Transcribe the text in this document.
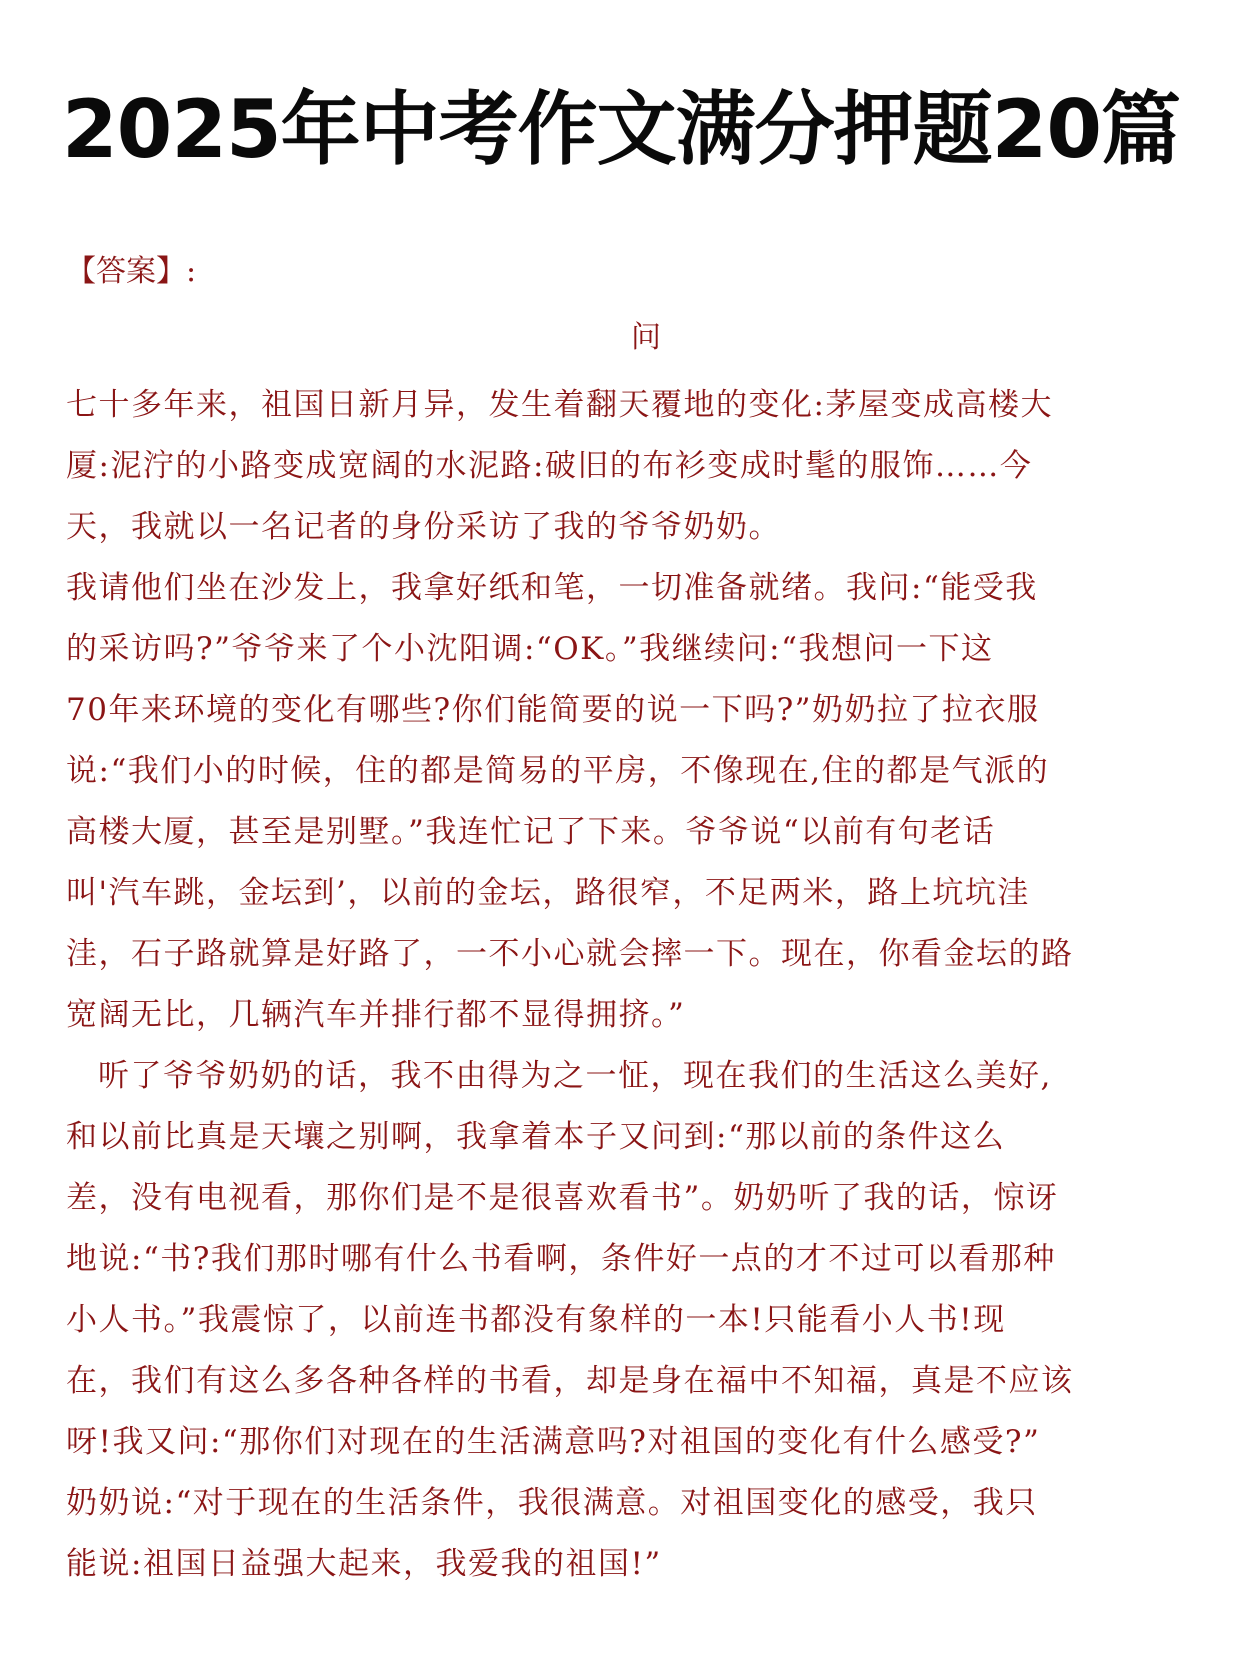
2025年中考作文满分押题20篇

【答案】:

问

七十多年来，祖国日新月异，发生着翻天覆地的变化:茅屋变成高楼大
厦:泥泞的小路变成宽阔的水泥路:破旧的布衫变成时髦的服饰……今
天，我就以一名记者的身份采访了我的爷爷奶奶。
我请他们坐在沙发上，我拿好纸和笔，一切准备就绪。我问:“能受我
的采访吗?”爷爷来了个小沈阳调:“OK。”我继续问:“我想问一下这
70年来环境的变化有哪些?你们能简要的说一下吗?”奶奶拉了拉衣服
说:“我们小的时候，住的都是简易的平房，不像现在,住的都是气派的
高楼大厦，甚至是别墅。”我连忙记了下来。爷爷说“以前有句老话
叫'汽车跳，金坛到’，以前的金坛，路很窄，不足两米，路上坑坑洼
洼，石子路就算是好路了，一不小心就会摔一下。现在，你看金坛的路
宽阔无比，几辆汽车并排行都不显得拥挤。”
听了爷爷奶奶的话，我不由得为之一怔，现在我们的生活这么美好,
和以前比真是天壤之别啊，我拿着本子又问到:“那以前的条件这么
差，没有电视看，那你们是不是很喜欢看书”。奶奶听了我的话，惊讶
地说:“书?我们那时哪有什么书看啊，条件好一点的才不过可以看那种
小人书。”我震惊了，以前连书都没有象样的一本!只能看小人书!现
在，我们有这么多各种各样的书看，却是身在福中不知福，真是不应该
呀!我又问:“那你们对现在的生活满意吗?对祖国的变化有什么感受?”
奶奶说:“对于现在的生活条件，我很满意。对祖国变化的感受，我只
能说:祖国日益强大起来，我爱我的祖国!”
